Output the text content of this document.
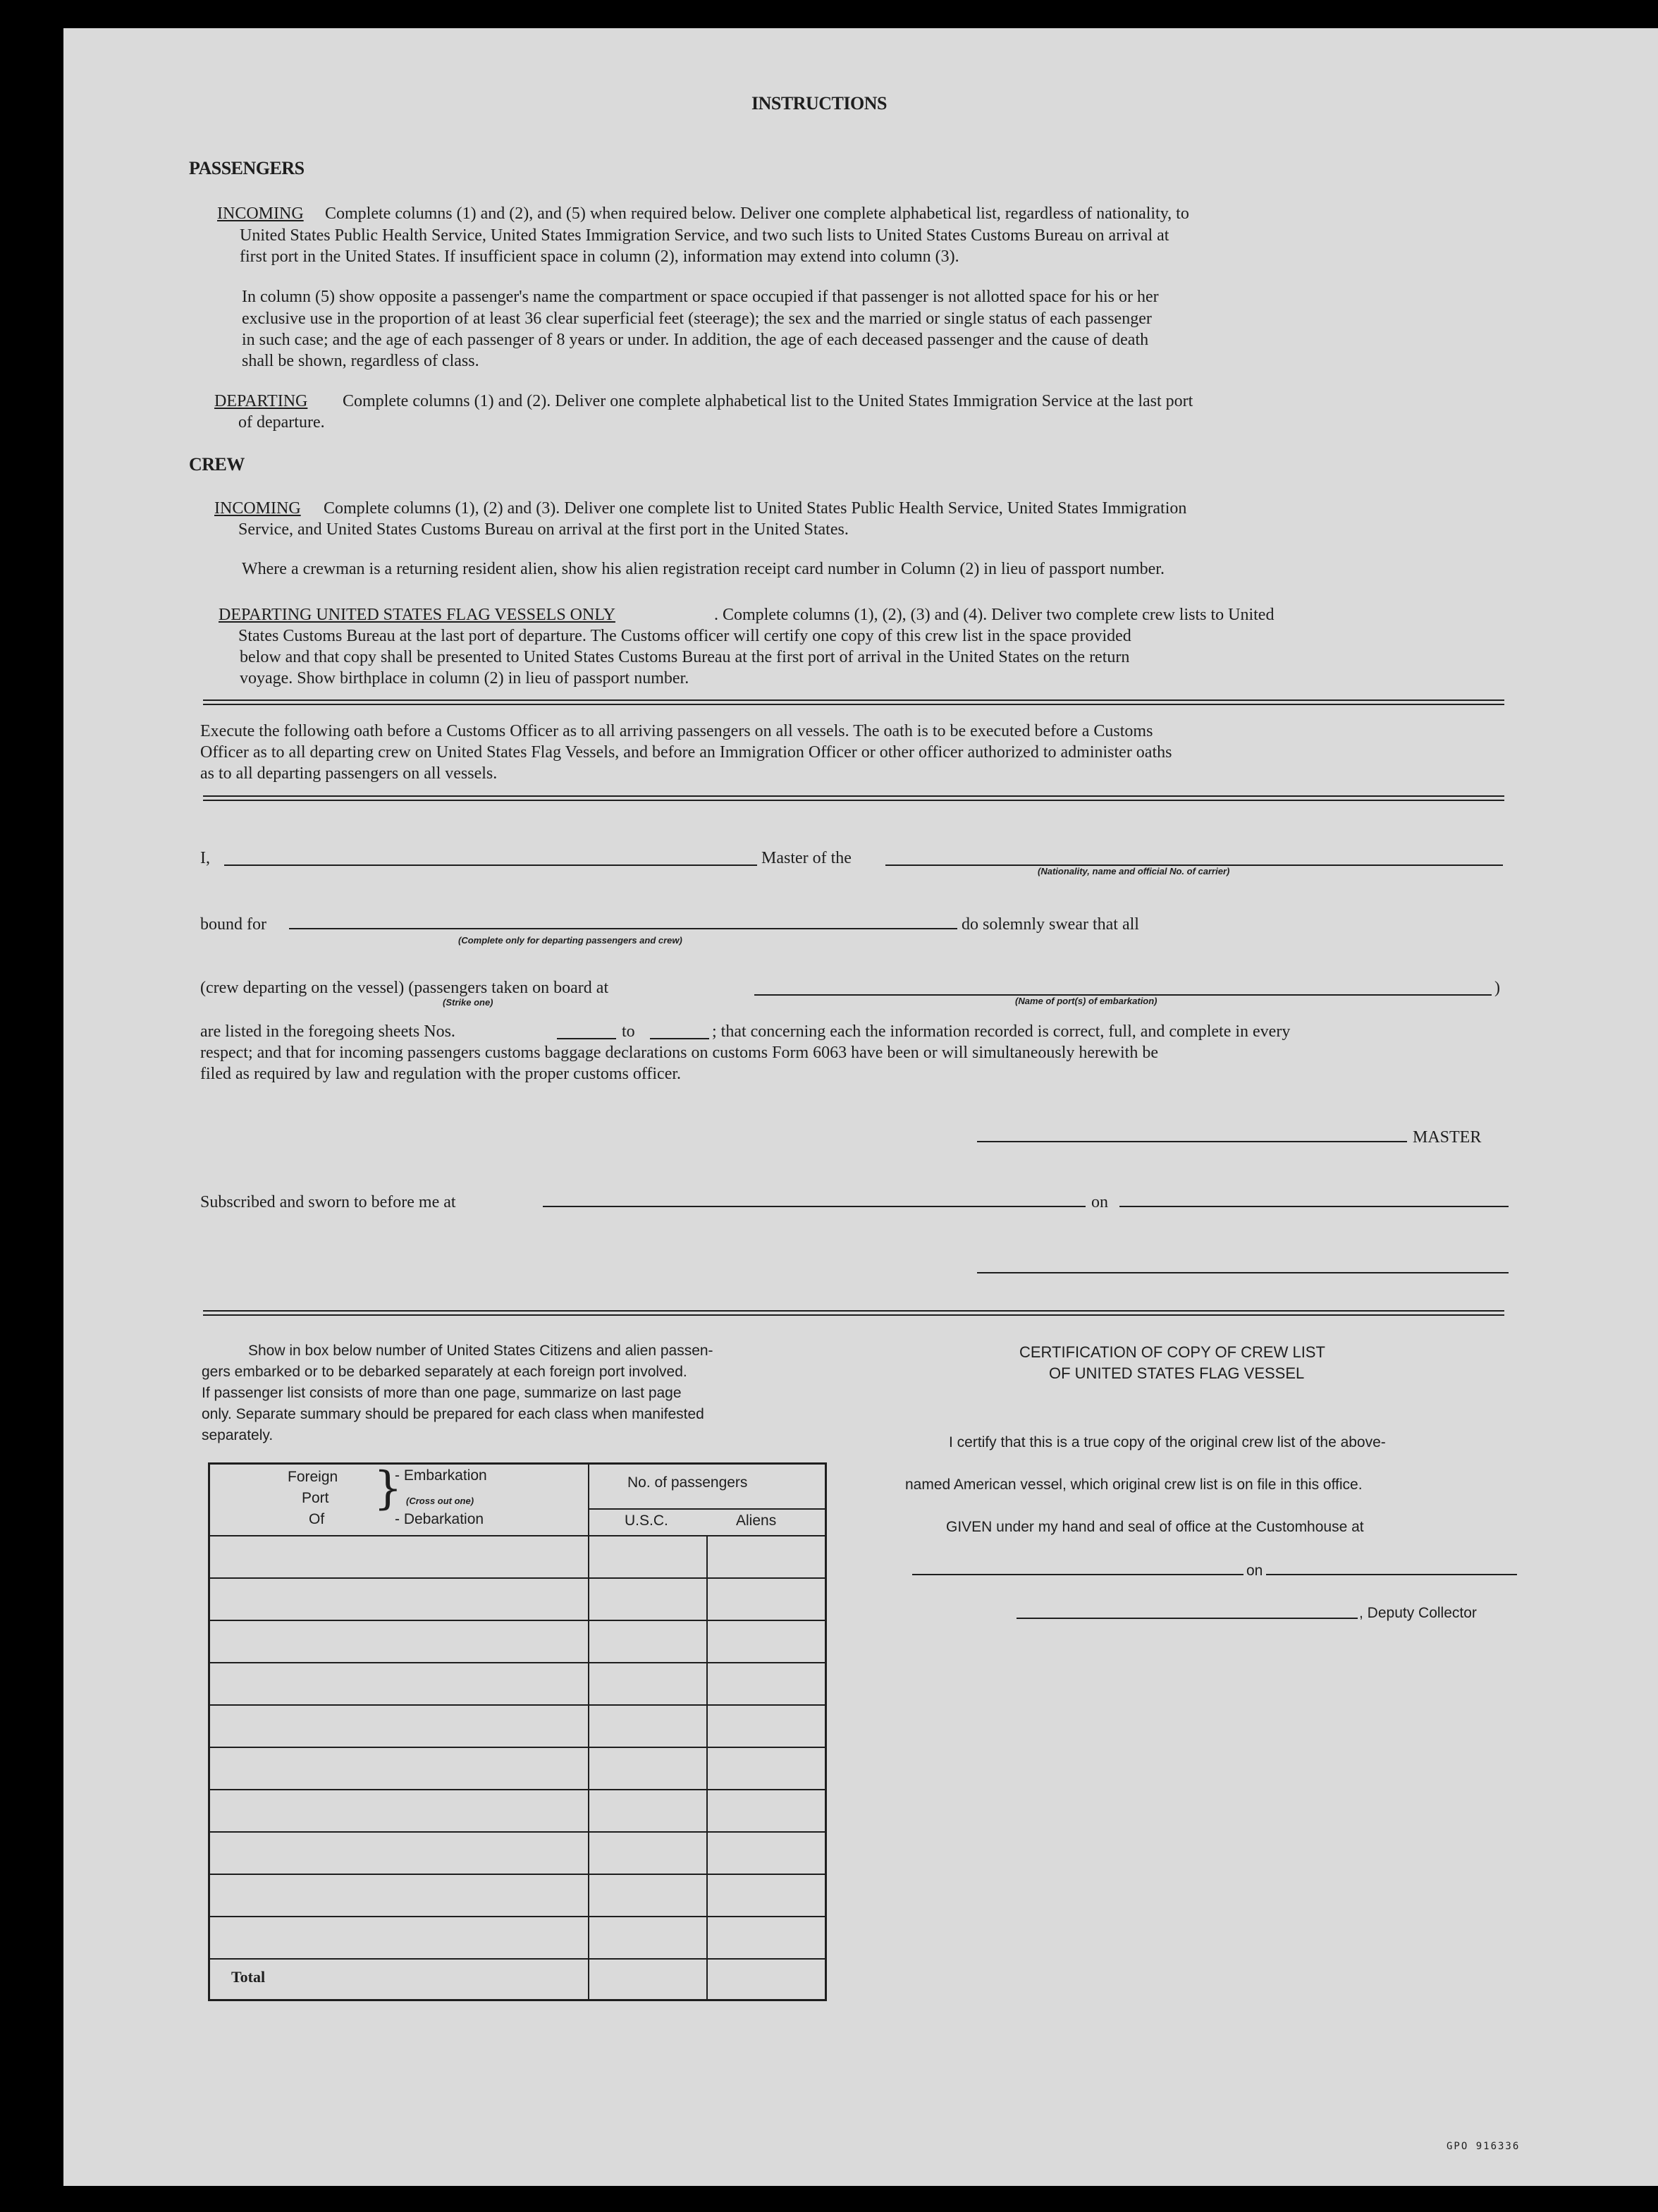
INSTRUCTIONS
PASSENGERS
INCOMING Complete columns (1) and (2), and (5) when required below. Deliver one complete alphabetical list, regardless of nationality, to
United States Public Health Service, United States Immigration Service, and two such lists to United States Customs Bureau on arrival at
first port in the United States. If insufficient space in column (2), information may extend into column (3).
In column (5) show opposite a passenger's name the compartment or space occupied if that passenger is not allotted space for his or her
exclusive use in the proportion of at least 36 clear superficial feet (steerage); the sex and the married or single status of each passenger
in such case; and the age of each passenger of 8 years or under. In addition, the age of each deceased passenger and the cause of death
shall be shown, regardless of class.
DEPARTING Complete columns (1) and (2). Deliver one complete alphabetical list to the United States Immigration Service at the last port
of departure.
CREW
INCOMING Complete columns (1), (2) and (3). Deliver one complete list to United States Public Health Service, United States Immigration
Service, and United States Customs Bureau on arrival at the first port in the United States.
Where a crewman is a returning resident alien, show his alien registration receipt card number in Column (2) in lieu of passport number.
DEPARTING UNITED STATES FLAG VESSELS ONLY	. Complete columns (1), (2), (3) and (4). Deliver two complete crew lists to United
States Customs Bureau at the last port of departure. The Customs officer will certify one copy of this crew list in the space provided
below and that copy shall be presented to United States Customs Bureau at the first port of arrival in the United States on the return
voyage. Show birthplace in column (2) in lieu of passport number.
Execute the following oath before a Customs Officer as to all arriving passengers on all vessels. The oath is to be executed before a Customs
Officer as to all departing crew on United States Flag Vessels, and before an Immigration Officer or other officer authorized to administer oaths
as to all departing passengers on all vessels.
I,	Master of the
(Nationality, name and official No. of carrier)
bound for
(Complete only for departing passengers and crew)
do solemnly swear that all
(crew departing on the vessel) (passengers taken on board at
(Strike one)	(Name of port(s) of embarkation)
)
are listed in the foregoing sheets Nos.	to	; that concerning each the information recorded is correct, full, and complete in every
respect; and that for incoming passengers customs baggage declarations on customs Form 6063 have been or will simultaneously herewith be
filed as required by law and regulation with the proper customs officer.
MASTER
Subscribed and sworn to before me at	on
Show in box below number of United States Citizens and alien passen-
gers embarked or to be debarked separately at each foreign port involved.
If passenger list consists of more than one page, summarize on last page
only. Separate summary should be prepared for each class when manifested
separately.
Foreign
Port
Of
}
- Embarkation
(Cross out one)
- Debarkation
No. of passengers
U.S.C.	Aliens
Total
CERTIFICATION OF COPY OF CREW LIST
OF UNITED STATES FLAG VESSEL
I certify that this is a true copy of the original crew list of the above-
named American vessel, which original crew list is on file in this office.
GIVEN under my hand and seal of office at the Customhouse at
on
, Deputy Collector
GPO 916336
